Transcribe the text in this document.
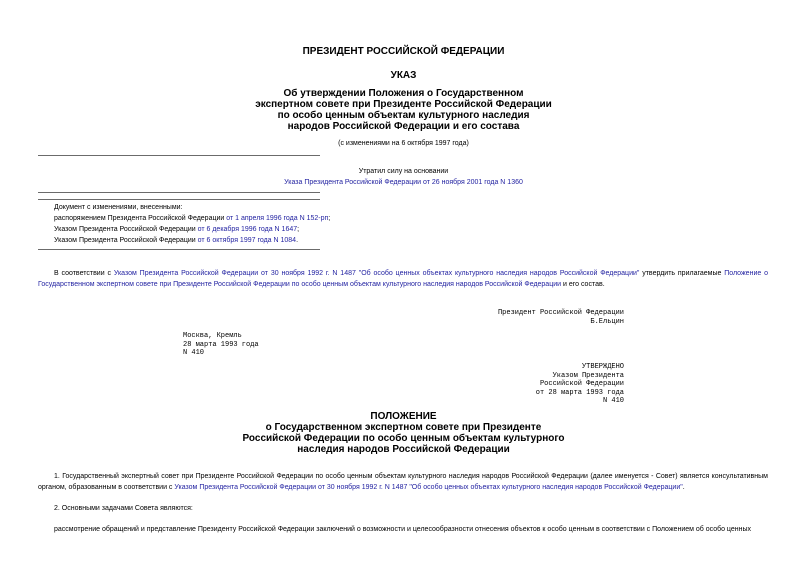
ПРЕЗИДЕНТ РОССИЙСКОЙ ФЕДЕРАЦИИ
УКАЗ
Об утверждении Положения о Государственном
экспертном совете при Президенте Российской Федерации
по особо ценным объектам культурного наследия
народов Российской Федерации и его состава
(с изменениями на 6 октября 1997 года)
Утратил силу на основании
Указа Президента Российской Федерации от 26 ноября 2001 года N 1360
Документ с изменениями, внесенными:
распоряжением Президента Российской Федерации от 1 апреля 1996 года N 152-рп;
Указом Президента Российской Федерации от 6 декабря 1996 года N 1647;
Указом Президента Российской Федерации от 6 октября 1997 года N 1084.
В соответствии с Указом Президента Российской Федерации от 30 ноября 1992 г. N 1487 "Об особо ценных объектах культурного наследия народов Российской Федерации" утвердить прилагаемые Положение о Государственном экспертном совете при Президенте Российской Федерации по особо ценным объектам культурного наследия народов Российской Федерации и его состав.
Президент Российской Федерации
Б.Ельцин
Москва, Кремль
28 марта 1993 года
N 410
УТВЕРЖДЕНО
Указом Президента
Российской Федерации
от 28 марта 1993 года
N 410
ПОЛОЖЕНИЕ
о Государственном экспертном совете при Президенте
Российской Федерации по особо ценным объектам культурного
наследия народов Российской Федерации
1. Государственный экспертный совет при Президенте Российской Федерации по особо ценным объектам культурного наследия народов Российской Федерации (далее именуется - Совет) является консультативным органом, образованным в соответствии с Указом Президента Российской Федерации от 30 ноября 1992 г. N 1487 "Об особо ценных объектах культурного наследия народов Российской Федерации".
2. Основными задачами Совета являются:
рассмотрение обращений и представление Президенту Российской Федерации заключений о возможности и целесообразности отнесения объектов к особо ценным в соответствии с Положением об особо ценных
